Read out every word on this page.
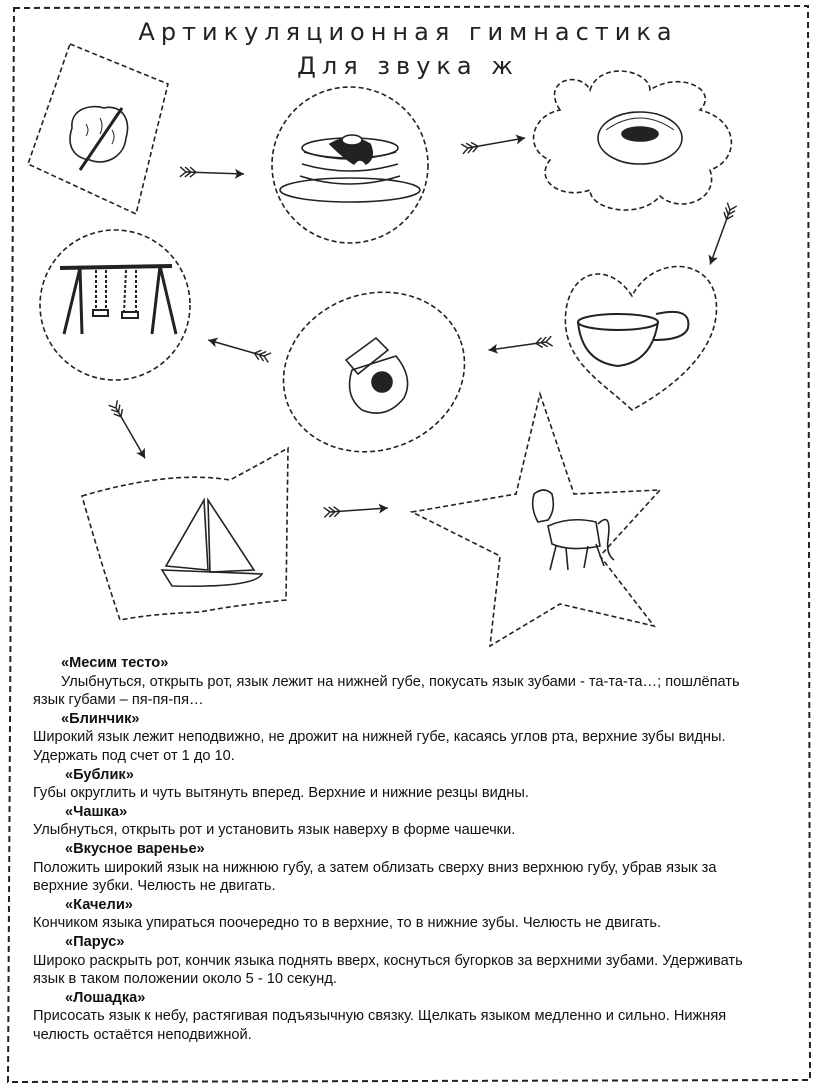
Артикуляционная гимнастика
Для звука ж

«Месим тесто»

Улыбнуться, открыть рот, язык лежит на нижней губе, покусать язык зубами - та-та-та…; пошлёпать язык губами – пя-пя-пя…

«Блинчик»

Широкий язык лежит неподвижно, не дрожит на нижней губе, касаясь углов рта, верхние зубы видны. Удержать под счет от 1 до 10.

«Бублик»

Губы округлить и чуть вытянуть вперед. Верхние и нижние резцы видны.

«Чашка»

Улыбнуться, открыть рот и установить язык наверху в форме чашечки.

«Вкусное варенье»

Положить широкий язык на нижнюю губу, а затем облизать сверху вниз верхнюю губу, убрав язык за верхние зубки. Челюсть не двигать.

«Качели»

Кончиком языка упираться поочередно то в верхние, то в нижние зубы. Челюсть не двигать.

«Парус»

Широко раскрыть рот, кончик языка поднять вверх, коснуться бугорков за верхними зубами. Удерживать язык в таком положении около 5 - 10 секунд.

«Лошадка»

Присосать язык к небу, растягивая подъязычную связку. Щелкать языком медленно и сильно. Нижняя челюсть остаётся неподвижной.
